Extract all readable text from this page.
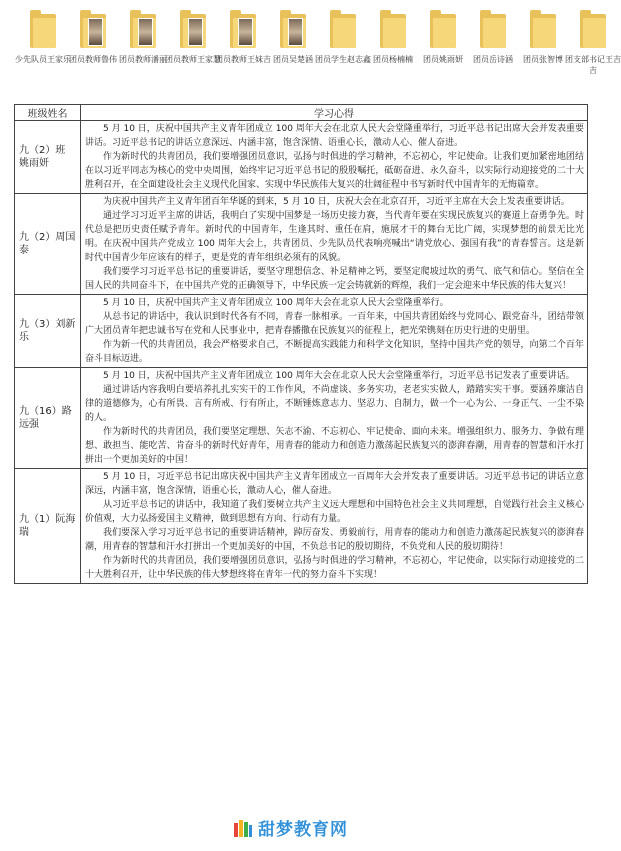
少先队员王家乐
团员教师鲁伟 团员教师潘丽
团员教师王家慧
团员教师王妹吉 团员吴楚涵 团员学生赵志鑫 团员杨楠楠	团员姚雨妍	团员岳诗涵	团员张智博 团支部书记王吉吉
班级姓名	学习心得
九（2）班 姚雨妍	5 月 10 日，庆祝中国共产主义青年团成立 100 周年大会在北京人民大会堂隆重举行，习近平总书记出席大会并发表重要讲话。习近平总书记的讲话立意深远、内涵丰富，饱含深情、语重心长，激动人心、催人奋进。

作为新时代的共青团员，我们要增强团员意识，弘扬与时俱进的学习精神，不忘初心，牢记使命。让我们更加紧密地团结在以习近平同志为核心的党中央周围，始终牢记习近平总书记的殷殷嘱托，砥砺奋进、永久奋斗，以实际行动迎接党的二十大胜利召开，在全面建设社会主义现代化国家、实现中华民族伟大复兴的壮阔征程中书写新时代中国青年的无悔篇章。

九（2）周国泰	为庆祝中国共产主义青年团百年华诞的到来，5 月 10 日，庆祝大会在北京召开，习近平主席在大会上发表重要讲话。

通过学习习近平主席的讲话，我明白了实现中国梦是一场历史接力赛，当代青年要在实现民族复兴的赛道上奋勇争先。时代总是把历史责任赋予青年。新时代的中国青年，生逢其时、重任在肩，施展才干的舞台无比广阔，实现梦想的前景无比光明。在庆祝中国共产党成立 100 周年大会上，共青团员、少先队员代表响亮喊出“请党放心、强国有我”的青春誓言。这是新时代中国青少年应该有的样子，更是党的青年组织必须有的风貌。

我们要学习习近平总书记的重要讲话，要坚守理想信念、补足精神之钙，要坚定爬坡过坎的勇气、底气和信心。坚信在全国人民的共同奋斗下，在中国共产党的正确领导下，中华民族一定会铸就新的辉煌，我们一定会迎来中华民族的伟大复兴！

九（3）刘新乐	5 月 10 日，庆祝中国共产主义青年团成立 100 周年大会在北京人民大会堂隆重举行。

从总书记的讲话中，我认识到时代各有不同，青春一脉相承。一百年来，中国共青团始终与党同心、跟党奋斗，团结带领广大团员青年把忠诚书写在党和人民事业中，把青春播撒在民族复兴的征程上，把光荣镌刻在历史行进的史册里。

作为新一代的共青团员，我会严格要求自己，不断提高实践能力和科学文化知识，坚持中国共产党的领导，向第二个百年奋斗目标迈进。

九（16）路远强	5 月 10 日，庆祝中国共产主义青年团成立 100 周年大会在北京人民大会堂隆重举行，习近平总书记发表了重要讲话。

通过讲话内容我明白要培养扎扎实实干的工作作风，不尚虚谈、多务实功，老老实实做人，踏踏实实干事。要涵养廉洁自律的道德修为，心有所畏、言有所戒、行有所止，不断锤炼意志力、坚忍力、自制力，做一个一心为公、一身正气、一尘不染的人。

作为新时代的共青团员，我们要坚定理想、矢志不渝、不忘初心、牢记使命、面向未来。增强组织力、服务力、争做有理想、敢担当、能吃苦、肯奋斗的新时代好青年，用青春的能动力和创造力激荡起民族复兴的澎湃春潮，用青春的智慧和汗水打拼出一个更加美好的中国！

九（1）阮海瑞	5 月 10 日，习近平总书记出席庆祝中国共产主义青年团成立一百周年大会并发表了重要讲话。习近平总书记的讲话立意深远，内涵丰富，饱含深情，语重心长，激动人心，催人奋进。

从习近平总书记的讲话中，我知道了我们要树立共产主义远大理想和中国特色社会主义共同理想，自觉践行社会主义核心价值观，大力弘扬爱国主义精神，做到思想有方向、行动有力量。

我们要深入学习习近平总书记的重要讲话精神，踔厉奋发、勇毅前行，用青春的能动力和创造力激荡起民族复兴的澎湃春潮，用青春的智慧和汗水打拼出一个更加美好的中国，不负总书记的殷切期待，不负党和人民的殷切期待！

作为新时代的共青团员，我们要增强团员意识，弘扬与时俱进的学习精神，不忘初心，牢记使命，以实际行动迎接党的二十大胜利召开，让中华民族的伟大梦想终将在青年一代的努力奋斗下实现！

甜梦教育网
